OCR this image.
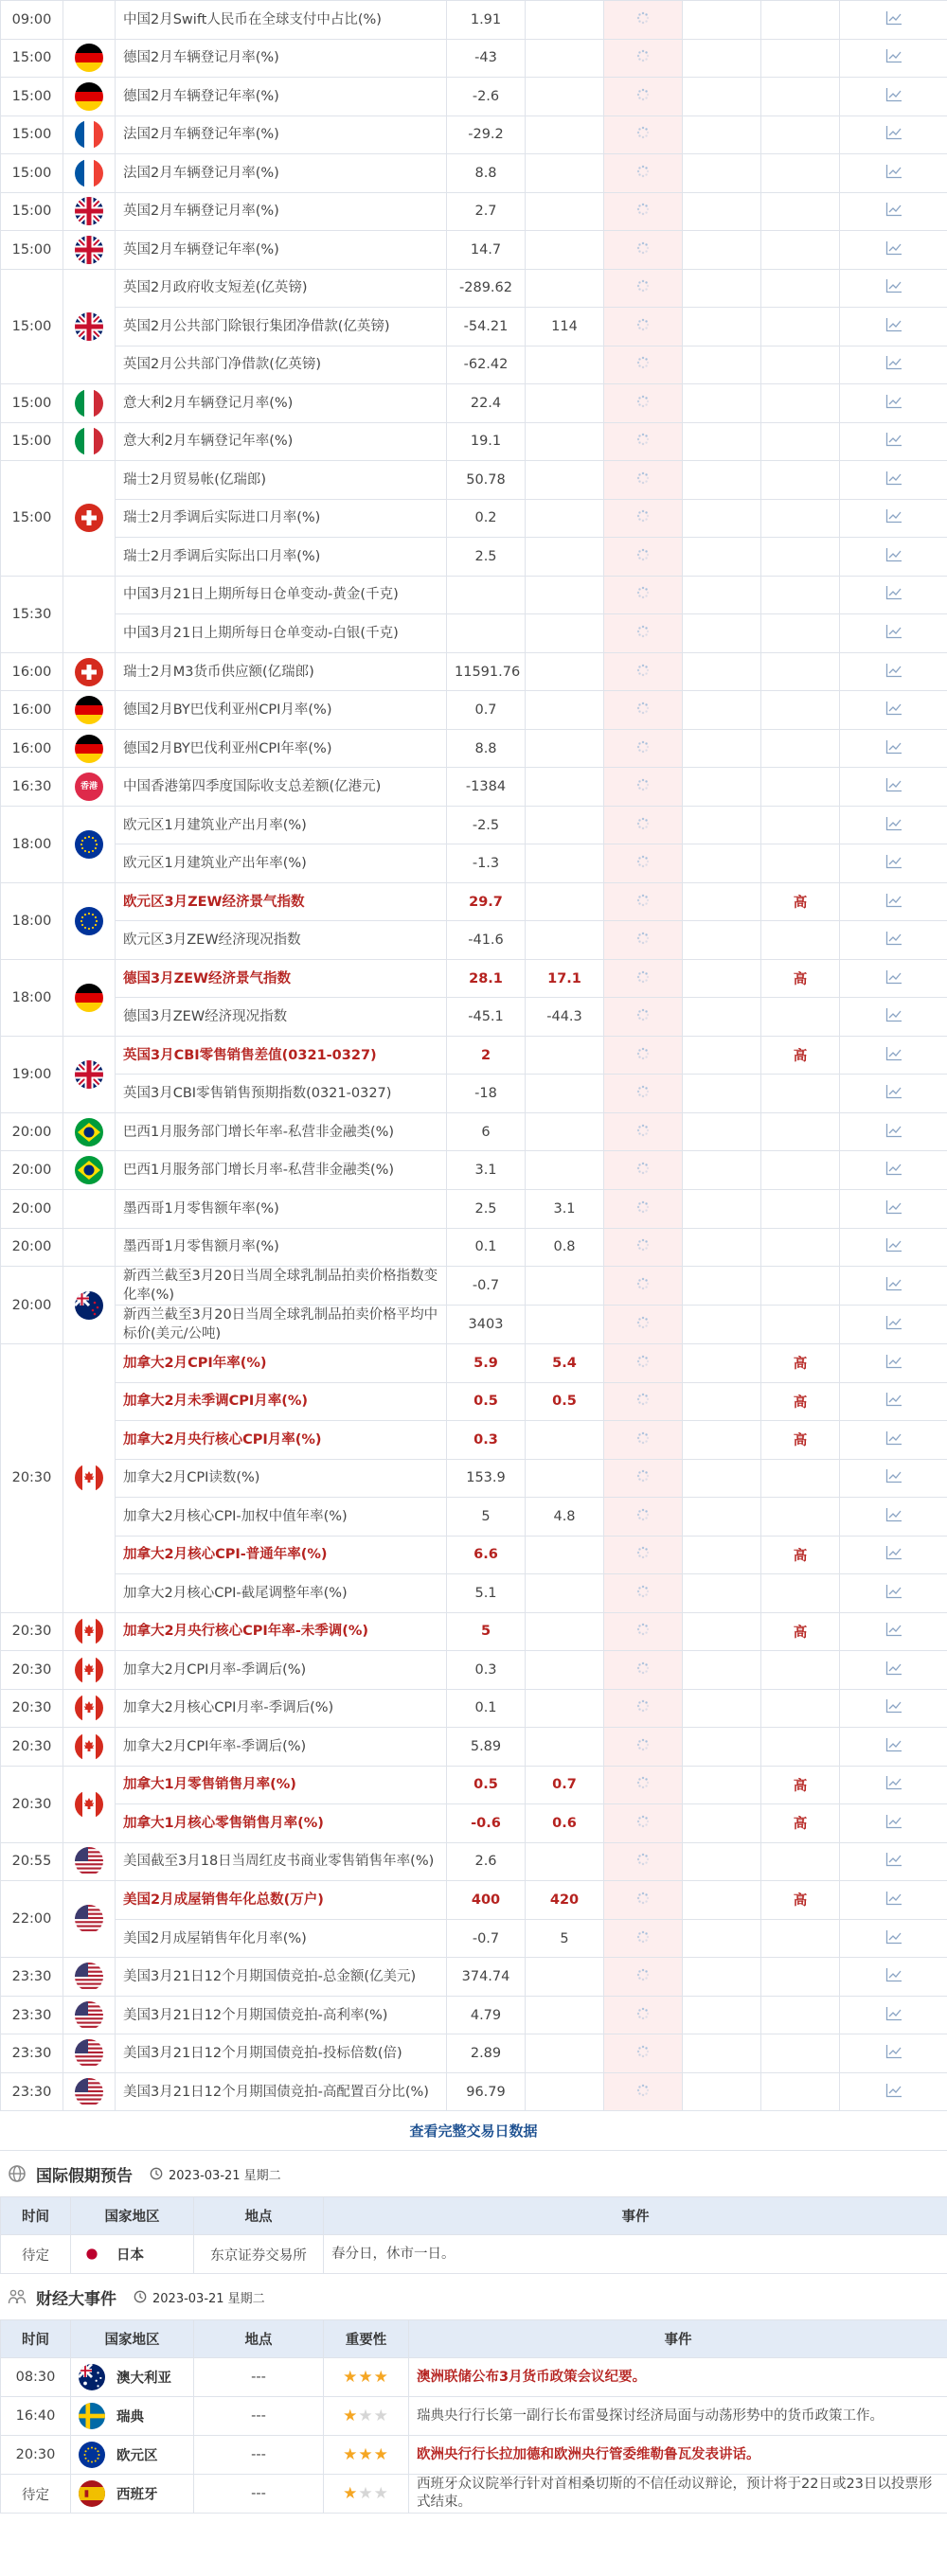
09:00		中国2月Swift人民币在全球支付中占比(%)	1.91					
15:00		德国2月车辆登记月率(%)	-43					
15:00		德国2月车辆登记年率(%)	-2.6					
15:00		法国2月车辆登记年率(%)	-29.2					
15:00		法国2月车辆登记月率(%)	8.8					
15:00		英国2月车辆登记月率(%)	2.7					
15:00		英国2月车辆登记年率(%)	14.7					
15:00		英国2月政府收支短差(亿英镑)	-289.62					
		英国2月公共部门除银行集团净借款(亿英镑)	-54.21	114				
		英国2月公共部门净借款(亿英镑)	-62.42					
15:00		意大利2月车辆登记月率(%)	22.4					
15:00		意大利2月车辆登记年率(%)	19.1					
15:00		瑞士2月贸易帐(亿瑞郎)	50.78					
		瑞士2月季调后实际进口月率(%)	0.2					
		瑞士2月季调后实际出口月率(%)	2.5					
15:30		中国3月21日上期所每日仓单变动-黄金(千克)						
		中国3月21日上期所每日仓单变动-白银(千克)						
16:00		瑞士2月M3货币供应额(亿瑞郎)	11591.76					
16:00		德国2月BY巴伐利亚州CPI月率(%)	0.7					
16:00		德国2月BY巴伐利亚州CPI年率(%)	8.8					
16:30	香港	中国香港第四季度国际收支总差额(亿港元)	-1384					
18:00		欧元区1月建筑业产出月率(%)	-2.5					
		欧元区1月建筑业产出年率(%)	-1.3					
18:00		欧元区3月ZEW经济景气指数	29.7				高	
		欧元区3月ZEW经济现况指数	-41.6					
18:00		德国3月ZEW经济景气指数	28.1	17.1			高	
		德国3月ZEW经济现况指数	-45.1	-44.3				
19:00		英国3月CBI零售销售差值(0321-0327)	2				高	
		英国3月CBI零售销售预期指数(0321-0327)	-18					
20:00		巴西1月服务部门增长年率-私营非金融类(%)	6					
20:00		巴西1月服务部门增长月率-私营非金融类(%)	3.1					
20:00		墨西哥1月零售额年率(%)	2.5	3.1				
20:00		墨西哥1月零售额月率(%)	0.1	0.8				
20:00		新西兰截至3月20日当周全球乳制品拍卖价格指数变化率(%)	-0.7					
		新西兰截至3月20日当周全球乳制品拍卖价格平均中标价(美元/公吨)	3403					
20:30		加拿大2月CPI年率(%)	5.9	5.4			高	
		加拿大2月未季调CPI月率(%)	0.5	0.5			高	
		加拿大2月央行核心CPI月率(%)	0.3				高	
		加拿大2月CPI读数(%)	153.9					
		加拿大2月核心CPI-加权中值年率(%)	5	4.8				
		加拿大2月核心CPI-普通年率(%)	6.6				高	
		加拿大2月核心CPI-截尾调整年率(%)	5.1					
20:30		加拿大2月央行核心CPI年率-未季调(%)	5				高	
20:30		加拿大2月CPI月率-季调后(%)	0.3					
20:30		加拿大2月核心CPI月率-季调后(%)	0.1					
20:30		加拿大2月CPI年率-季调后(%)	5.89					
20:30		加拿大1月零售销售月率(%)	0.5	0.7			高	
		加拿大1月核心零售销售月率(%)	-0.6	0.6			高	
20:55		美国截至3月18日当周红皮书商业零售销售年率(%)	2.6					
22:00		美国2月成屋销售年化总数(万户)	400	420			高	
		美国2月成屋销售年化月率(%)	-0.7	5				
23:30		美国3月21日12个月期国债竞拍-总金额(亿美元)	374.74					
23:30		美国3月21日12个月期国债竞拍-高利率(%)	4.79					
23:30		美国3月21日12个月期国债竞拍-投标倍数(倍)	2.89					
23:30		美国3月21日12个月期国债竞拍-高配置百分比(%)	96.79					
查看完整交易日数据
国际假期预告	2023-03-21 星期二
时间	国家地区	地点	事件
待定	日本	东京证券交易所	春分日，休市一日。
财经大事件	2023-03-21 星期二
时间	国家地区	地点	重要性	事件
08:30	澳大利亚	---	★★★	澳洲联储公布3月货币政策会议纪要。
16:40	瑞典	---	★★★	瑞典央行行长第一副行长布雷曼探讨经济局面与动荡形势中的货币政策工作。
20:30	欧元区	---	★★★	欧洲央行行长拉加德和欧洲央行管委维勒鲁瓦发表讲话。
待定	西班牙	---	★★★	西班牙众议院举行针对首相桑切斯的不信任动议辩论，预计将于22日或23日以投票形式结束。
